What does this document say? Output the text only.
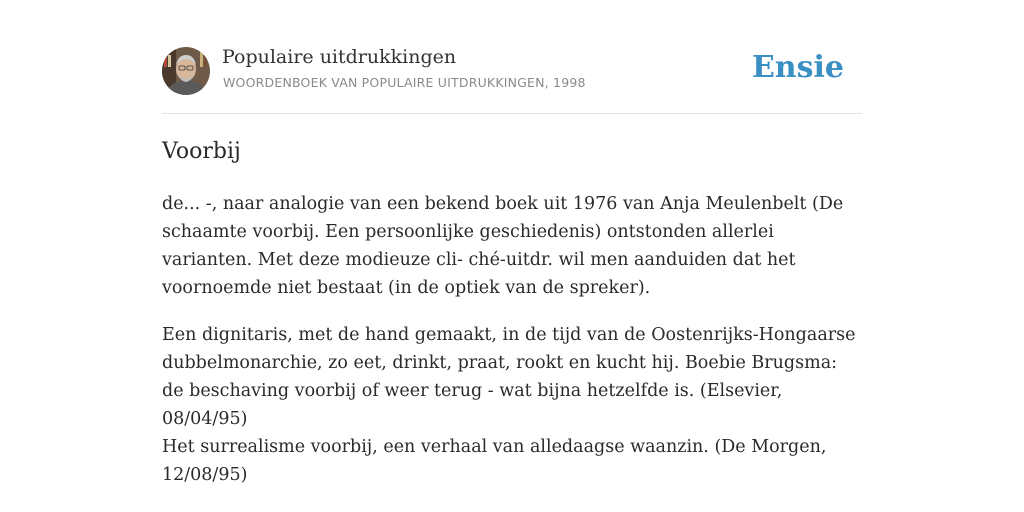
Populaire uitdrukkingen
WOORDENBOEK VAN POPULAIRE UITDRUKKINGEN, 1998	Ensie
Voorbij

de... -, naar analogie van een bekend boek uit 1976 van Anja Meulenbelt (De schaamte voorbij. Een persoonlijke geschiedenis) ontstonden allerlei varianten. Met deze modieuze cli- ché-uitdr. wil men aanduiden dat het voornoemde niet bestaat (in de optiek van de spreker).

Een dignitaris, met de hand gemaakt, in de tijd van de Oostenrijks-Hongaarse dubbelmonarchie, zo eet, drinkt, praat, rookt en kucht hij. Boebie Brugsma: de beschaving voorbij of weer terug - wat bijna hetzelfde is. (Elsevier, 08/04/95)

Het surrealisme voorbij, een verhaal van alledaagse waanzin. (De Morgen, 12/08/95)
